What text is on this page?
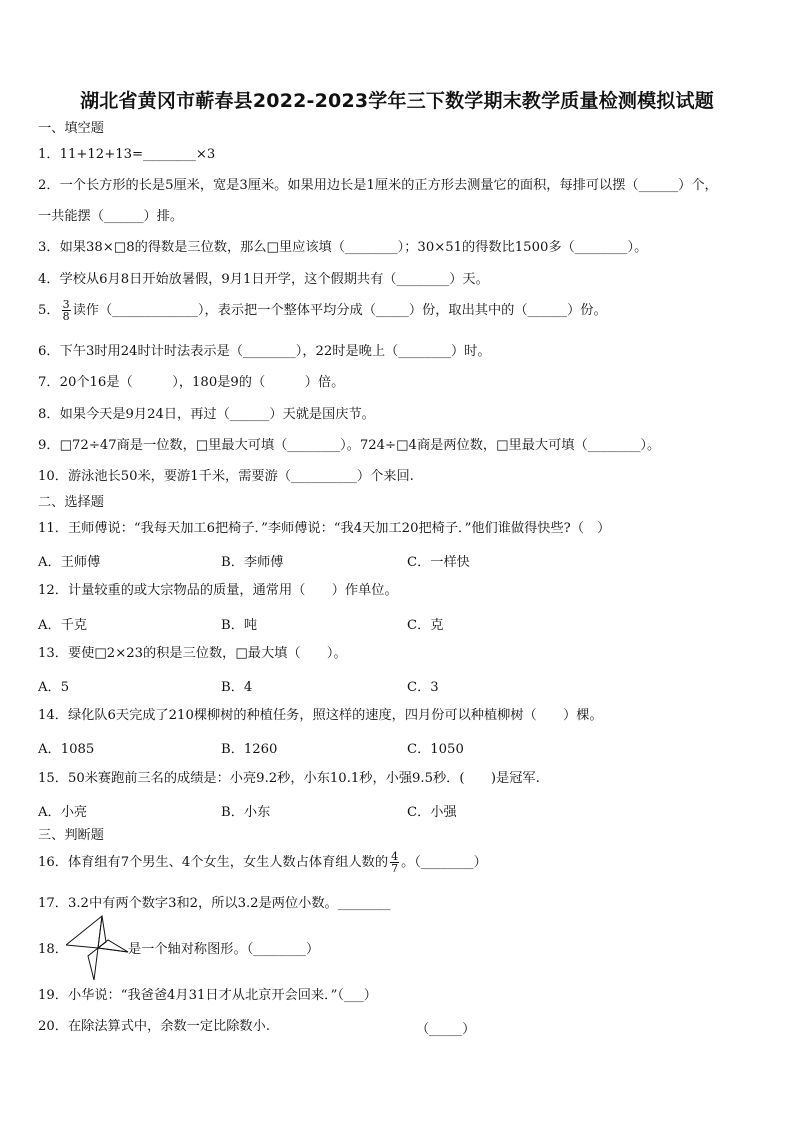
湖北省黄冈市蕲春县2022-2023学年三下数学期末教学质量检测模拟试题
一、填空题
1．11+12+13=________×3
2．一个长方形的长是5厘米，宽是3厘米。如果用边长是1厘米的正方形去测量它的面积，每排可以摆（______）个，
一共能摆（______）排。
3．如果38×□8的得数是三位数，那么□里应该填（________）；30×51的得数比1500多（________）。
4．学校从6月8日开始放暑假，9月1日开学，这个假期共有（________）天。
5． $\frac{3}{8}$ 读作（_____________），表示把一个整体平均分成（_____）份，取出其中的（______）份。
6．下午3时用24时计时法表示是（________），22时是晚上（________）时。
7．20个16是（　　　），180是9的（　　　）倍。
8．如果今天是9月24日，再过（______）天就是国庆节。
9．□72÷47商是一位数，□里最大可填（________）。724÷□4商是两位数，□里最大可填（________）。
10．游泳池长50米，要游1千米，需要游（__________）个来回.
二、选择题
11．王师傅说：“我每天加工6把椅子．”李师傅说：“我4天加工20把椅子．”他们谁做得快些?（　）
A．王师傅	B．李师傅	C．一样快
12．计量较重的或大宗物品的质量，通常用（　　）作单位。
A．千克	B．吨	C．克
13．要使□2×23的积是三位数，□最大填（　　）。
A．5	B．4	C．3
14．绿化队6天完成了210棵柳树的种植任务，照这样的速度，四月份可以种植柳树（　　）棵。
A．1085	B．1260	C．1050
15．50米赛跑前三名的成绩是：小亮9.2秒，小东10.1秒，小强9.5秒．(　　)是冠军.
A．小亮	B．小东	C．小强
三、判断题
16．体育组有7个男生、4个女生，女生人数占体育组人数的 $\frac{4}{7}$ 。（________）
17．3.2中有两个数字3和2，所以3.2是两位小数。________
18．	是一个轴对称图形。（________）
19．小华说：“我爸爸4月31日才从北京开会回来．”（___）
20．在除法算式中，余数一定比除数小.	（_____）
